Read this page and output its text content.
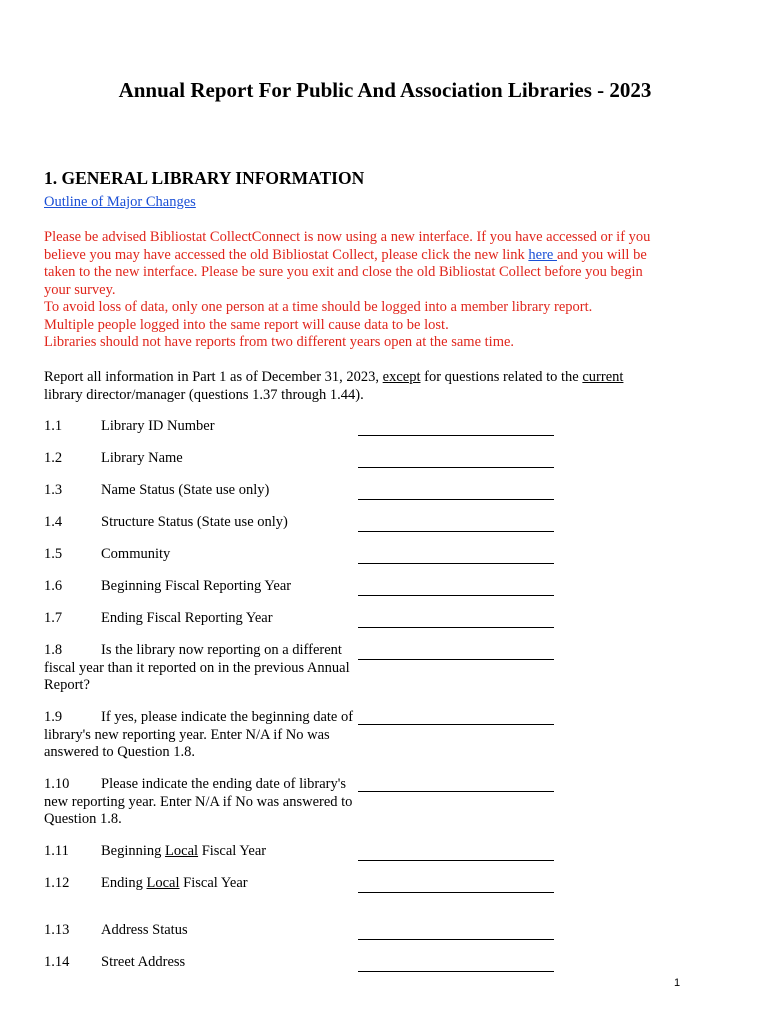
Annual Report For Public And Association Libraries - 2023
1. GENERAL LIBRARY INFORMATION
Outline of Major Changes

Please be advised Bibliostat CollectConnect is now using a new interface. If you have accessed or if you believe you may have accessed the old Bibliostat Collect, please click the new link here and you will be taken to the new interface. Please be sure you exit and close the old Bibliostat Collect before you begin your survey.

To avoid loss of data, only one person at a time should be logged into a member library report.

Multiple people logged into the same report will cause data to be lost.

Libraries should not have reports from two different years open at the same time.

Report all information in Part 1 as of December 31, 2023, except for questions related to the current library director/manager (questions 1.37 through 1.44).

1.1	Library ID Number
1.2	Library Name
1.3	Name Status (State use only)
1.4	Structure Status (State use only)
1.5	Community
1.6	Beginning Fiscal Reporting Year
1.7	Ending Fiscal Reporting Year
1.8	Is the library now reporting on a different fiscal year than it reported on in the previous Annual Report?
1.9	If yes, please indicate the beginning date of library's new reporting year. Enter N/A if No was answered to Question 1.8.
1.10 Please indicate the ending date of library's new reporting year. Enter N/A if No was answered to Question 1.8.
1.11 Beginning Local Fiscal Year
1.12 Ending Local Fiscal Year
1.13 Address Status
1.14 Street Address
1
